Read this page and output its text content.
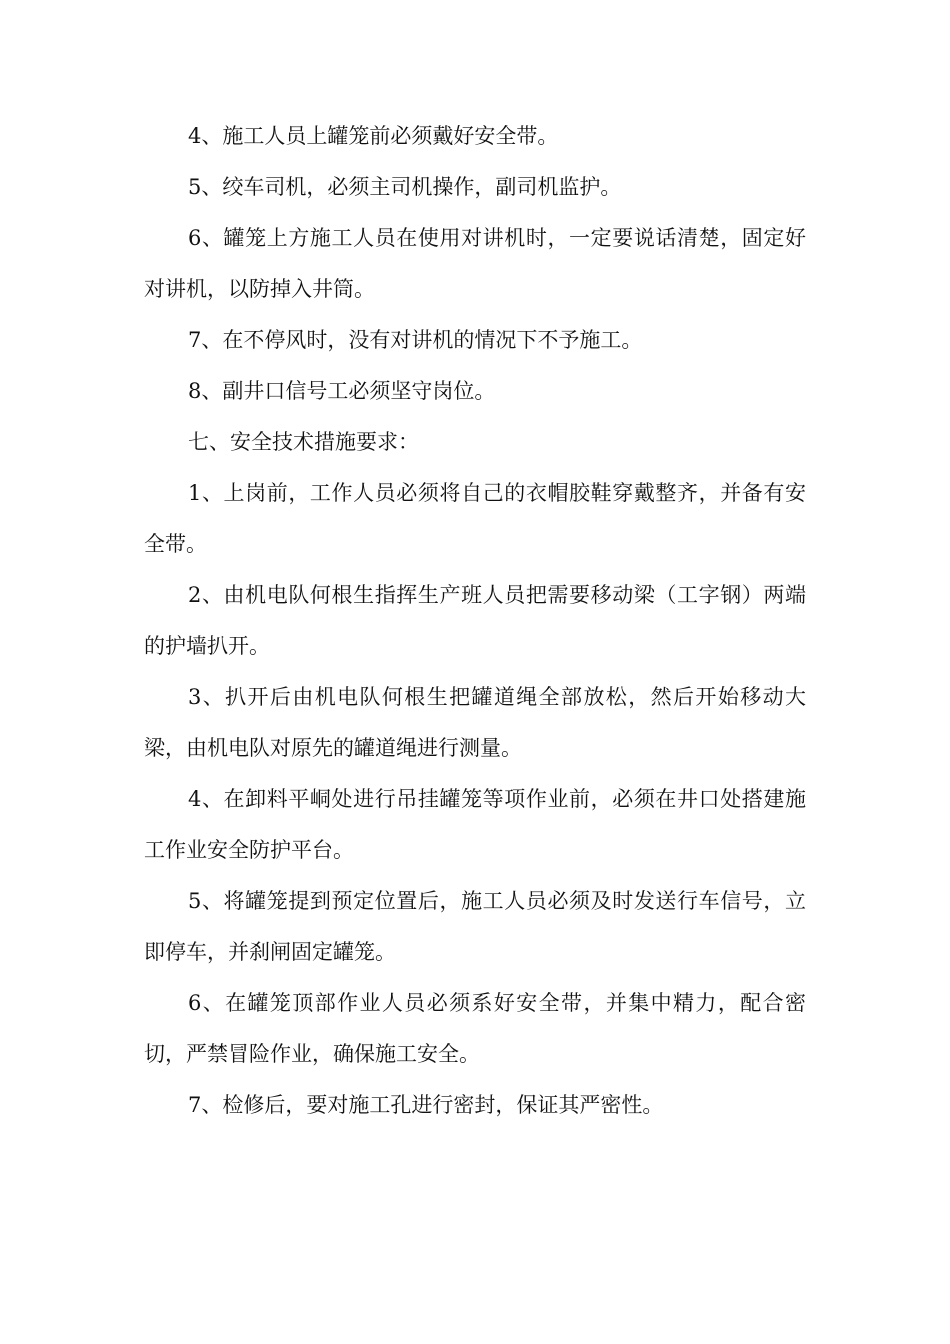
4、施工人员上罐笼前必须戴好安全带。

5、绞车司机，必须主司机操作，副司机监护。

6、罐笼上方施工人员在使用对讲机时，一定要说话清楚，固定好对讲机，以防掉入井筒。

7、在不停风时，没有对讲机的情况下不予施工。

8、副井口信号工必须坚守岗位。

七、安全技术措施要求：

1、上岗前，工作人员必须将自己的衣帽胶鞋穿戴整齐，并备有安全带。

2、由机电队何根生指挥生产班人员把需要移动梁（工字钢）两端的护墙扒开。

3、扒开后由机电队何根生把罐道绳全部放松，然后开始移动大梁，由机电队对原先的罐道绳进行测量。

4、在卸料平峒处进行吊挂罐笼等项作业前，必须在井口处搭建施工作业安全防护平台。

5、将罐笼提到预定位置后，施工人员必须及时发送行车信号，立即停车，并刹闸固定罐笼。

6、在罐笼顶部作业人员必须系好安全带，并集中精力，配合密切，严禁冒险作业，确保施工安全。

7、检修后，要对施工孔进行密封，保证其严密性。
